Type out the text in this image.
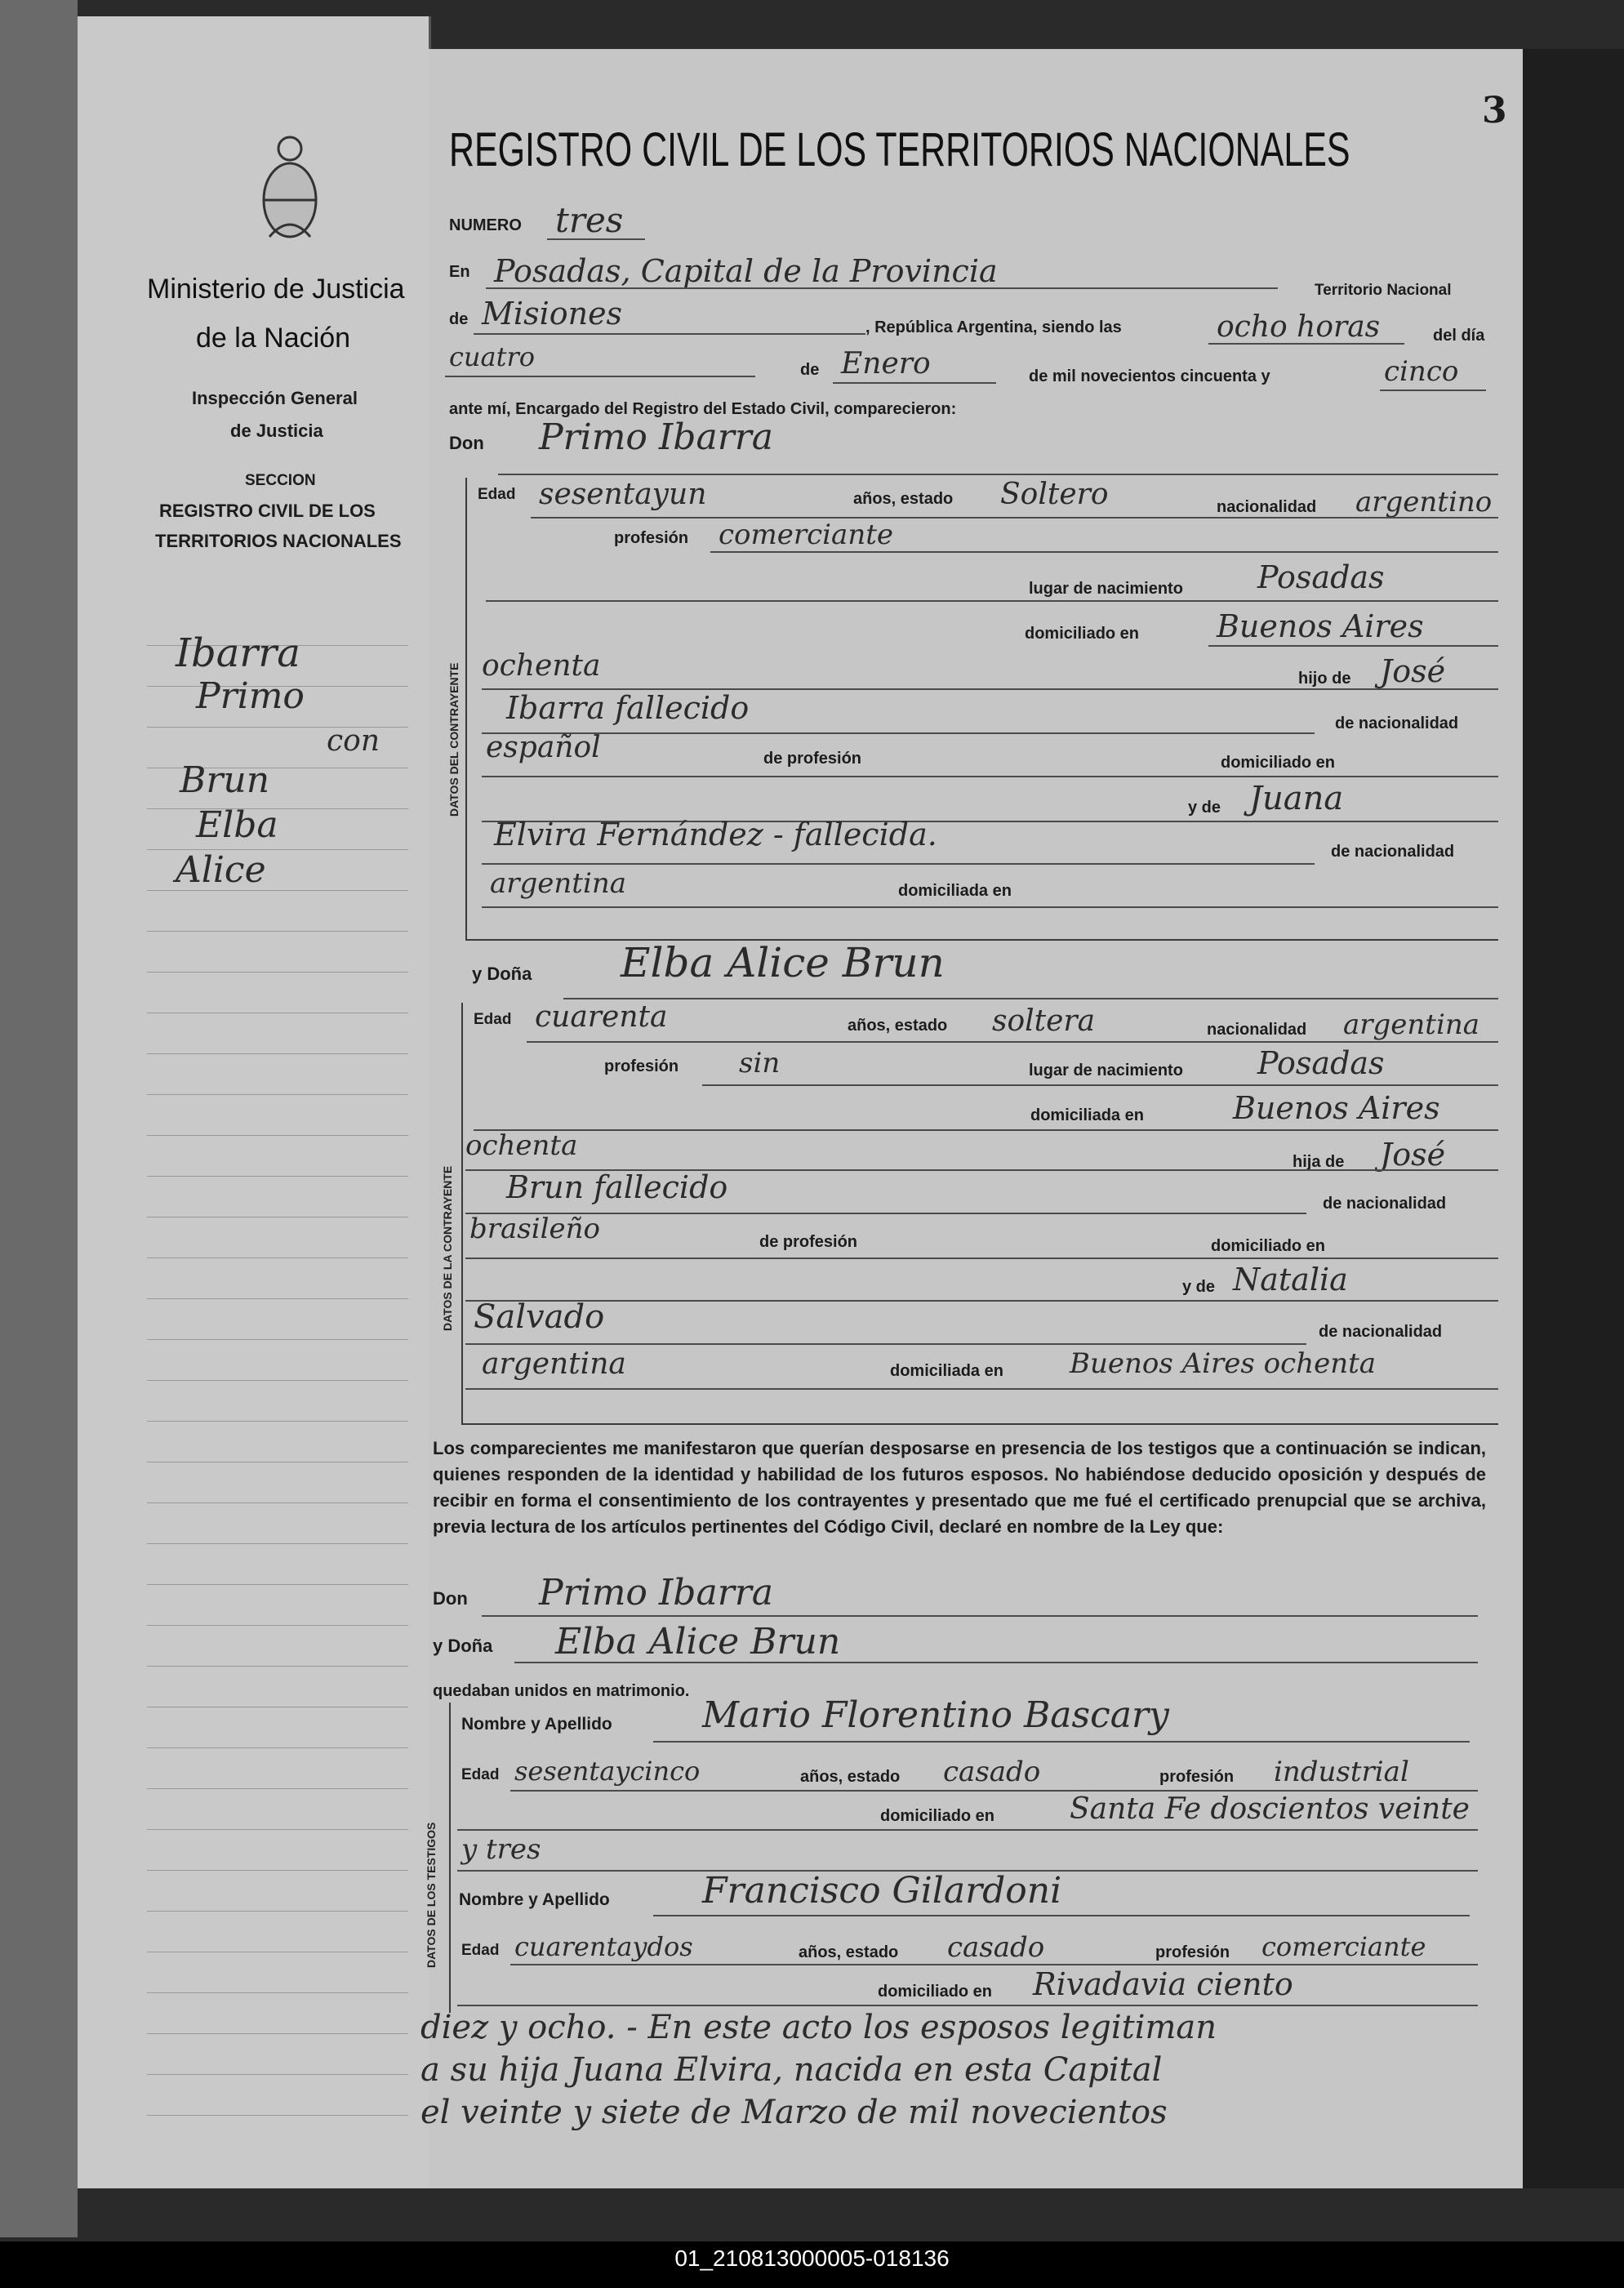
Ministerio de Justicia
de la Nación
Inspección General
de Justicia
SECCION
REGISTRO CIVIL DE LOS
TERRITORIOS NACIONALES
Ibarra
Primo
con
Brun
Elba
Alice
3
REGISTRO CIVIL DE LOS TERRITORIOS NACIONALES
NUMERO tres
En Posadas, Capital de la Provincia
Territorio Nacional
de Misiones	, República Argentina, siendo las	ocho horas	del día
cuatro	de Enero	de mil novecientos cincuenta y	cinco
ante mí, Encargado del Registro del Estado Civil, comparecieron:
Don Primo Ibarra
DATOS DEL CONTRAYENTE
Edad sesentayun	años, estado Soltero	nacionalidad argentino
profesión comerciante
lugar de nacimiento Posadas
domiciliado en Buenos Aires
ochenta	hijo de José
Ibarra fallecido	de nacionalidad
español	de profesión	domiciliado en
y de Juana
Elvira Fernández - fallecida.	de nacionalidad
argentina	domiciliada en
y Doña Elba Alice Brun
DATOS DE LA CONTRAYENTE
Edad cuarenta	años, estado soltera	nacionalidad argentina
profesión sin	lugar de nacimiento Posadas
domiciliada en	Buenos Aires
ochenta	hija de José
Brun fallecido	de nacionalidad
brasileño	de profesión	domiciliado en
y de Natalia
Salvado	de nacionalidad
argentina	domiciliada en Buenos Aires ochenta
Los comparecientes me manifestaron que querían desposarse en presencia de los testigos que a continuación se indican, quienes responden de la identidad y habilidad de los futuros esposos. No habiéndose deducido oposición y después de recibir en forma el consentimiento de los contrayentes y presentado que me fué el certificado prenupcial que se archiva, previa lectura de los artículos pertinentes del Código Civil, declaré en nombre de la Ley que:
Don Primo Ibarra
y Doña Elba Alice Brun
quedaban unidos en matrimonio.
DATOS DE LOS TESTIGOS
Nombre y Apellido	Mario Florentino Bascary
Edad sesentaycinco	años, estado casado	profesión industrial
domiciliado en	Santa Fe doscientos veinte
y tres
Nombre y Apellido	Francisco Gilardoni
Edad cuarentaydos	años, estado casado	profesión comerciante
domiciliado en Rivadavia ciento
diez y ocho. - En este acto los esposos legitiman
a su hija Juana Elvira, nacida en esta Capital
el veinte y siete de Marzo de mil novecientos
01_210813000005-018136
